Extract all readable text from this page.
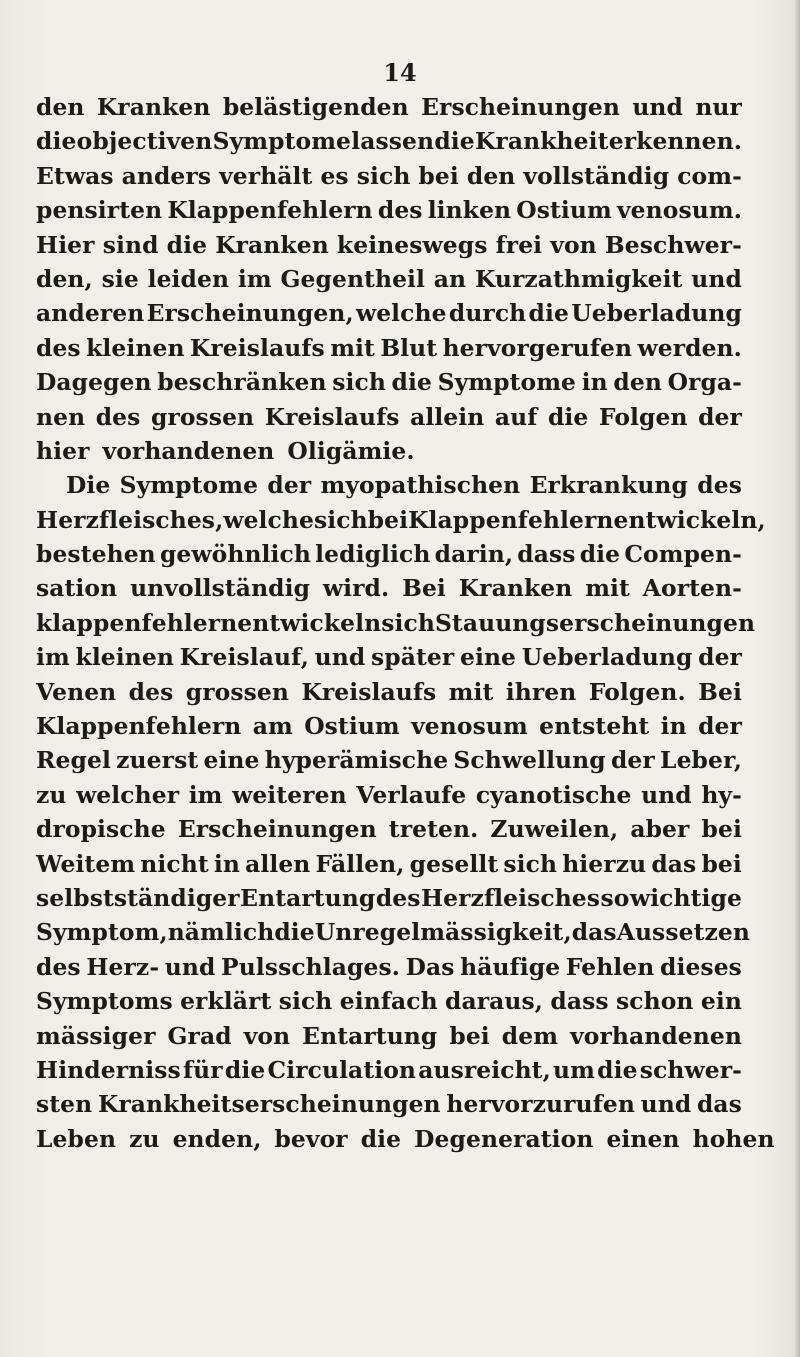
14
den Kranken belästigenden Erscheinungen und nur
die objectiven Symptome lassen die Krankheit erkennen.
Etwas anders verhält es sich bei den vollständig com-
pensirten Klappenfehlern des linken Ostium venosum.
Hier sind die Kranken keineswegs frei von Beschwer-
den, sie leiden im Gegentheil an Kurzathmigkeit und
anderen Erscheinungen, welche durch die Ueberladung
des kleinen Kreislaufs mit Blut hervorgerufen werden.
Dagegen beschränken sich die Symptome in den Orga-
nen des grossen Kreislaufs allein auf die Folgen der
hier vorhandenen Oligämie.
Die Symptome der myopathischen Erkrankung des
Herzfleisches, welche sich bei Klappenfehlern entwickeln,
bestehen gewöhnlich lediglich darin, dass die Compen-
sation unvollständig wird. Bei Kranken mit Aorten-
klappenfehlern entwickeln sich Stauungserscheinungen
im kleinen Kreislauf, und später eine Ueberladung der
Venen des grossen Kreislaufs mit ihren Folgen. Bei
Klappenfehlern am Ostium venosum entsteht in der
Regel zuerst eine hyperämische Schwellung der Leber,
zu welcher im weiteren Verlaufe cyanotische und hy-
dropische Erscheinungen treten. Zuweilen, aber bei
Weitem nicht in allen Fällen, gesellt sich hierzu das bei
selbstständiger Entartung des Herzfleisches so wichtige
Symptom, nämlich die Unregelmässigkeit, das Aussetzen
des Herz- und Pulsschlages. Das häufige Fehlen dieses
Symptoms erklärt sich einfach daraus, dass schon ein
mässiger Grad von Entartung bei dem vorhandenen
Hinderniss für die Circulation ausreicht, um die schwer-
sten Krankheitserscheinungen hervorzurufen und das
Leben zu enden, bevor die Degeneration einen hohen
